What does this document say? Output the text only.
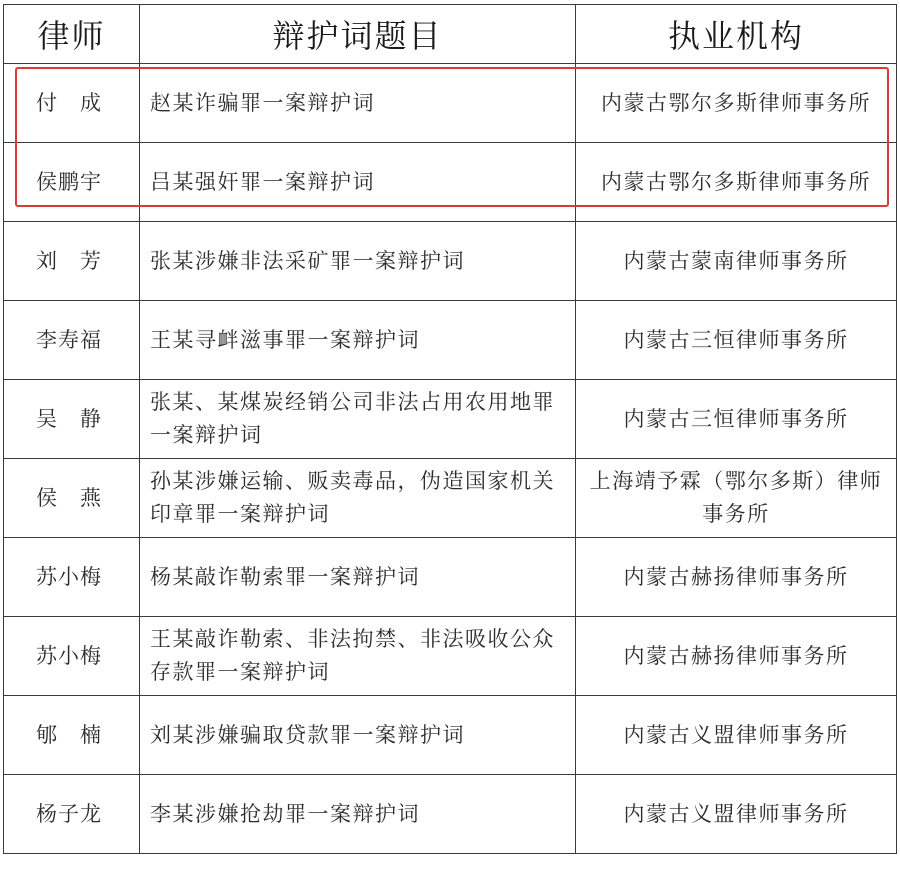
律师	辩护词题目	执业机构
付　成	赵某诈骗罪一案辩护词	内蒙古鄂尔多斯律师事务所
侯鹏宇	吕某强奸罪一案辩护词	内蒙古鄂尔多斯律师事务所
刘　芳	张某涉嫌非法采矿罪一案辩护词	内蒙古蒙南律师事务所
李寿福	王某寻衅滋事罪一案辩护词	内蒙古三恒律师事务所
吴　静	张某、某煤炭经销公司非法占用农用地罪一案辩护词	内蒙古三恒律师事务所
侯　燕	孙某涉嫌运输、贩卖毒品，伪造国家机关印章罪一案辩护词	上海靖予霖（鄂尔多斯）律师事务所
苏小梅	杨某敲诈勒索罪一案辩护词	内蒙古赫扬律师事务所
苏小梅	王某敲诈勒索、非法拘禁、非法吸收公众存款罪一案辩护词	内蒙古赫扬律师事务所
郇　楠	刘某涉嫌骗取贷款罪一案辩护词	内蒙古义盟律师事务所
杨子龙	李某涉嫌抢劫罪一案辩护词	内蒙古义盟律师事务所
